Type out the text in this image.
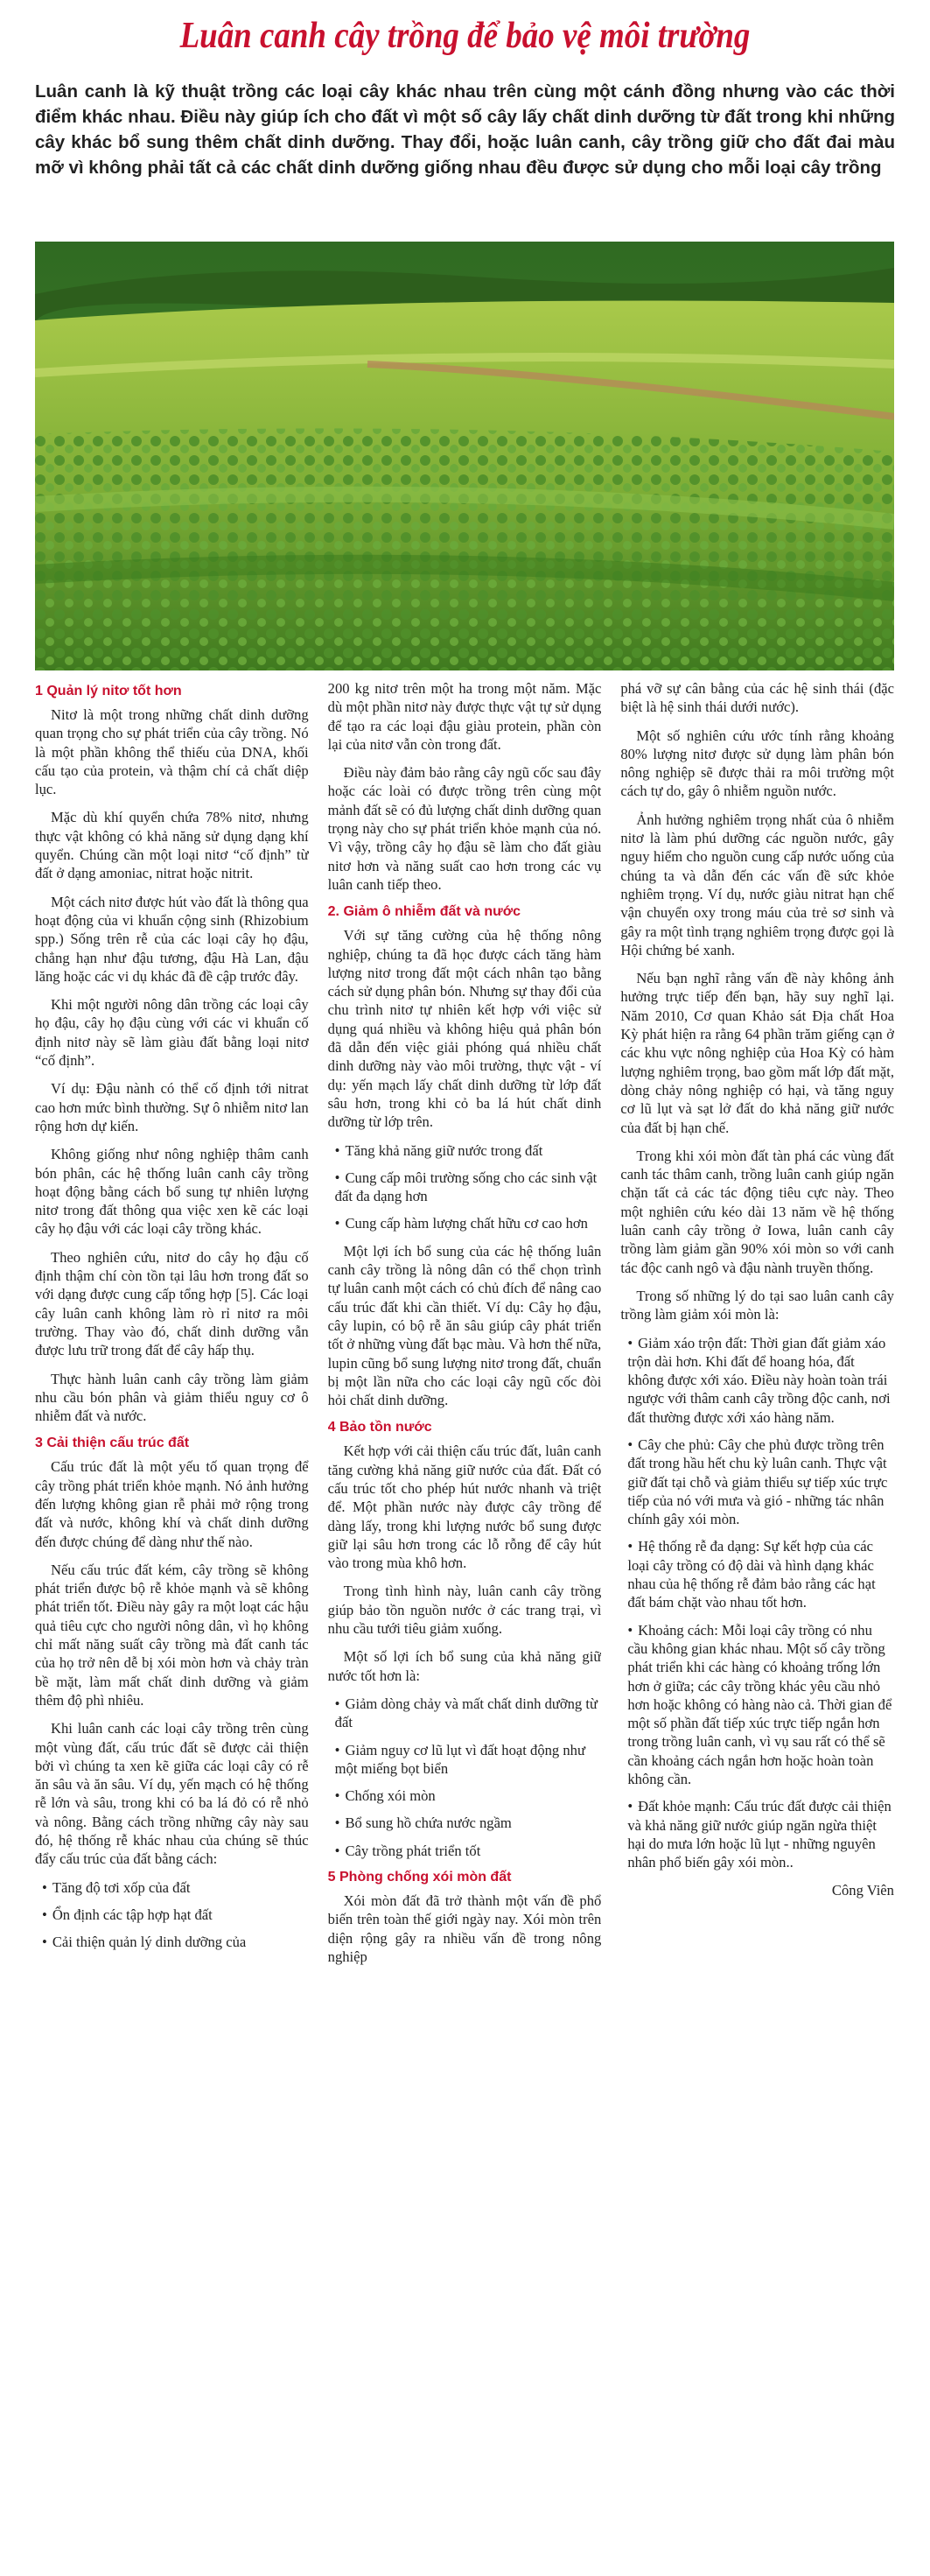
Luân canh cây trồng để bảo vệ môi trường

Luân canh là kỹ thuật trồng các loại cây khác nhau trên cùng một cánh đồng nhưng vào các thời điểm khác nhau. Điều này giúp ích cho đất vì một số cây lấy chất dinh dưỡng từ đất trong khi những cây khác bổ sung thêm chất dinh dưỡng. Thay đổi, hoặc luân canh, cây trồng giữ cho đất đai màu mỡ vì không phải tất cả các chất dinh dưỡng giống nhau đều được sử dụng cho mỗi loại cây trồng

1 Quản lý nitơ tốt hơn

Nitơ là một trong những chất dinh dưỡng quan trọng cho sự phát triển của cây trồng. Nó là một phần không thể thiếu của DNA, khối cấu tạo của protein, và thậm chí cả chất diệp lục.

Mặc dù khí quyển chứa 78% nitơ, nhưng thực vật không có khả năng sử dụng dạng khí quyển. Chúng cần một loại nitơ “cố định” từ đất ở dạng amoniac, nitrat hoặc nitrit.

Một cách nitơ được hút vào đất là thông qua hoạt động của vi khuẩn cộng sinh (Rhizobium spp.) Sống trên rễ của các loại cây họ đậu, chẳng hạn như đậu tương, đậu Hà Lan, đậu lăng hoặc các vi dụ khác đã đề cập trước đây.

Khi một người nông dân trồng các loại cây họ đậu, cây họ đậu cùng với các vi khuẩn cố định nitơ này sẽ làm giàu đất bằng loại nitơ “cố định”.

Ví dụ: Đậu nành có thể cố định tới nitrat cao hơn mức bình thường. Sự ô nhiễm nitơ lan rộng hơn dự kiến.

Không giống như nông nghiệp thâm canh bón phân, các hệ thống luân canh cây trồng hoạt động bằng cách bổ sung tự nhiên lượng nitơ trong đất thông qua việc xen kẽ các loại cây họ đậu với các loại cây trồng khác.

Theo nghiên cứu, nitơ do cây họ đậu cố định thậm chí còn tồn tại lâu hơn trong đất so với dạng được cung cấp tổng hợp [5]. Các loại cây luân canh không làm rò rỉ nitơ ra môi trường. Thay vào đó, chất dinh dưỡng vẫn được lưu trữ trong đất để cây hấp thụ.

Thực hành luân canh cây trồng làm giảm nhu cầu bón phân và giảm thiểu nguy cơ ô nhiễm đất và nước.

3 Cải thiện cấu trúc đất

Cấu trúc đất là một yếu tố quan trọng để cây trồng phát triển khỏe mạnh. Nó ảnh hưởng đến lượng không gian rễ phải mở rộng trong đất và nước, không khí và chất dinh dưỡng đến được chúng để dàng như thế nào.

Nếu cấu trúc đất kém, cây trồng sẽ không phát triển được bộ rễ khỏe mạnh và sẽ không phát triển tốt. Điều này gây ra một loạt các hậu quả tiêu cực cho người nông dân, vì họ không chỉ mất năng suất cây trồng mà đất canh tác của họ trở nên dễ bị xói mòn hơn và chảy tràn bề mặt, làm mất chất dinh dưỡng và giảm thêm độ phì nhiêu.

Khi luân canh các loại cây trồng trên cùng một vùng đất, cấu trúc đất sẽ được cải thiện bởi vì chúng ta xen kẽ giữa các loại cây có rễ ăn sâu và ăn sâu. Ví dụ, yến mạch có hệ thống rễ lớn và sâu, trong khi có ba lá đỏ có rễ nhỏ và nông. Bằng cách trồng những cây này sau đó, hệ thống rễ khác nhau của chúng sẽ thúc đẩy cấu trúc của đất bằng cách:

• Tăng độ tơi xốp của đất
• Ổn định các tập hợp hạt đất
• Cải thiện quản lý dinh dưỡng của

200 kg nitơ trên một ha trong một năm. Mặc dù một phần nitơ này được thực vật tự sử dụng để tạo ra các loại đậu giàu protein, phần còn lại của nitơ vẫn còn trong đất.

Điều này đảm bảo rằng cây ngũ cốc sau đây hoặc các loài có được trồng trên cùng một mảnh đất sẽ có đủ lượng chất dinh dưỡng quan trọng này cho sự phát triển khỏe mạnh của nó. Vì vậy, trồng cây họ đậu sẽ làm cho đất giàu nitơ hơn và năng suất cao hơn trong các vụ luân canh tiếp theo.

2. Giảm ô nhiễm đất và nước

Với sự tăng cường của hệ thống nông nghiệp, chúng ta đã học được cách tăng hàm lượng nitơ trong đất một cách nhân tạo bằng cách sử dụng phân bón. Nhưng sự thay đổi của chu trình nitơ tự nhiên kết hợp với việc sử dụng quá nhiều và không hiệu quả phân bón đã dẫn đến việc giải phóng quá nhiều chất dinh dưỡng này vào môi trường, thực vật - ví dụ: yến mạch lấy chất dinh dưỡng từ lớp đất sâu hơn, trong khi cỏ ba lá hút chất dinh dưỡng từ lớp trên.

• Tăng khả năng giữ nước trong đất
• Cung cấp môi trường sống cho các sinh vật đất đa dạng hơn
• Cung cấp hàm lượng chất hữu cơ cao hơn

Một lợi ích bổ sung của các hệ thống luân canh cây trồng là nông dân có thể chọn trình tự luân canh một cách có chủ đích để nâng cao cấu trúc đất khi cần thiết. Ví dụ: Cây họ đậu, cây lupin, có bộ rễ ăn sâu giúp cây phát triển tốt ở những vùng đất bạc màu. Và hơn thế nữa, lupin cũng bổ sung lượng nitơ trong đất, chuẩn bị một lần nữa cho các loại cây ngũ cốc đòi hỏi chất dinh dưỡng.

4 Bảo tồn nước

Kết hợp với cải thiện cấu trúc đất, luân canh tăng cường khả năng giữ nước của đất. Đất có cấu trúc tốt cho phép hút nước nhanh và triệt để. Một phần nước này được cây trồng để dàng lấy, trong khi lượng nước bổ sung được giữ lại sâu hơn trong các lỗ rỗng để cây hút vào trong mùa khô hơn.

Trong tình hình này, luân canh cây trồng giúp bảo tồn nguồn nước ở các trang trại, vì nhu cầu tưới tiêu giảm xuống.

Một số lợi ích bổ sung của khả năng giữ nước tốt hơn là:

• Giảm dòng chảy và mất chất dinh dưỡng từ đất
• Giảm nguy cơ lũ lụt vì đất hoạt động như một miếng bọt biển
• Chống xói mòn
• Bổ sung hồ chứa nước ngầm
• Cây trồng phát triển tốt
5 Phòng chống xói mòn đất

Xói mòn đất đã trở thành một vấn đề phổ biến trên toàn thế giới ngày nay. Xói mòn trên diện rộng gây ra nhiều vấn đề trong nông nghiệp

phá vỡ sự cân bằng của các hệ sinh thái (đặc biệt là hệ sinh thái dưới nước).

Một số nghiên cứu ước tính rằng khoảng 80% lượng nitơ được sử dụng làm phân bón nông nghiệp sẽ được thải ra môi trường một cách tự do, gây ô nhiễm nguồn nước.

Ảnh hưởng nghiêm trọng nhất của ô nhiễm nitơ là làm phú dưỡng các nguồn nước, gây nguy hiểm cho nguồn cung cấp nước uống của chúng ta và dẫn đến các vấn đề sức khỏe nghiêm trọng. Ví dụ, nước giàu nitrat hạn chế vận chuyển oxy trong máu của trẻ sơ sinh và gây ra một tình trạng nghiêm trọng được gọi là Hội chứng bé xanh.

Nếu bạn nghĩ rằng vấn đề này không ảnh hưởng trực tiếp đến bạn, hãy suy nghĩ lại. Năm 2010, Cơ quan Khảo sát Địa chất Hoa Kỳ phát hiện ra rằng 64 phần trăm giếng cạn ở các khu vực nông nghiệp của Hoa Kỳ có hàm lượng nghiêm trọng, bao gồm mất lớp đất mặt, dòng chảy nông nghiệp có hại, và tăng nguy cơ lũ lụt và sạt lở đất do khả năng giữ nước của đất bị hạn chế.

Trong khi xói mòn đất tàn phá các vùng đất canh tác thâm canh, trồng luân canh giúp ngăn chặn tất cả các tác động tiêu cực này. Theo một nghiên cứu kéo dài 13 năm về hệ thống luân canh cây trồng ở Iowa, luân canh cây trồng làm giảm gần 90% xói mòn so với canh tác độc canh ngô và đậu nành truyền thống.

Trong số những lý do tại sao luân canh cây trồng làm giảm xói mòn là:

• Giảm xáo trộn đất: Thời gian đất giảm xáo trộn dài hơn. Khi đất để hoang hóa, đất không được xới xáo. Điều này hoàn toàn trái ngược với thâm canh cây trồng độc canh, nơi đất thường được xới xáo hàng năm.
• Cây che phủ: Cây che phủ được trồng trên đất trong hầu hết chu kỳ luân canh. Thực vật giữ đất tại chỗ và giảm thiểu sự tiếp xúc trực tiếp của nó với mưa và gió - những tác nhân chính gây xói mòn.
• Hệ thống rễ đa dạng: Sự kết hợp của các loại cây trồng có độ dài và hình dạng khác nhau của hệ thống rễ đảm bảo rằng các hạt đất bám chặt vào nhau tốt hơn.
• Khoảng cách: Mỗi loại cây trồng có nhu cầu không gian khác nhau. Một số cây trồng phát triển khi các hàng có khoảng trống lớn hơn ở giữa; các cây trồng khác yêu cầu nhỏ hơn hoặc không có hàng nào cả. Thời gian để một số phần đất tiếp xúc trực tiếp ngắn hơn trong trồng luân canh, vì vụ sau rất có thể sẽ cần khoảng cách ngắn hơn hoặc hoàn toàn không cần.
• Đất khỏe mạnh: Cấu trúc đất được cải thiện và khả năng giữ nước giúp ngăn ngừa thiệt hại do mưa lớn hoặc lũ lụt - những nguyên nhân phổ biến gây xói mòn..
Công Viên
